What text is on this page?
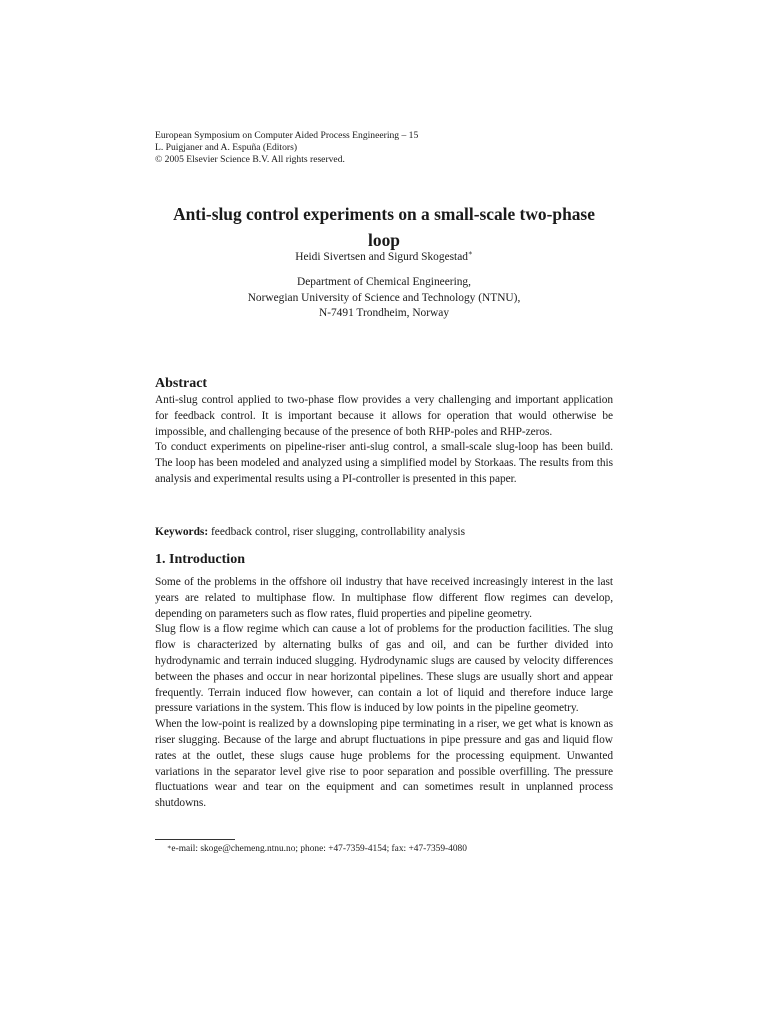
European Symposium on Computer Aided Process Engineering – 15
L. Puigjaner and A. Espuña (Editors)
© 2005 Elsevier Science B.V. All rights reserved.
Anti-slug control experiments on a small-scale two-phase loop
Heidi Sivertsen and Sigurd Skogestad∗
Department of Chemical Engineering,
Norwegian University of Science and Technology (NTNU),
N-7491 Trondheim, Norway
Abstract

Anti-slug control applied to two-phase flow provides a very challenging and important application for feedback control. It is important because it allows for operation that would otherwise be impossible, and challenging because of the presence of both RHP-poles and RHP-zeros.

To conduct experiments on pipeline-riser anti-slug control, a small-scale slug-loop has been build. The loop has been modeled and analyzed using a simplified model by Storkaas. The results from this analysis and experimental results using a PI-controller is presented in this paper.

Keywords: feedback control, riser slugging, controllability analysis
1. Introduction

Some of the problems in the offshore oil industry that have received increasingly interest in the last years are related to multiphase flow. In multiphase flow different flow regimes can develop, depending on parameters such as flow rates, fluid properties and pipeline geometry.

Slug flow is a flow regime which can cause a lot of problems for the production facilities. The slug flow is characterized by alternating bulks of gas and oil, and can be further divided into hydrodynamic and terrain induced slugging. Hydrodynamic slugs are caused by velocity differences between the phases and occur in near horizontal pipelines. These slugs are usually short and appear frequently. Terrain induced flow however, can contain a lot of liquid and therefore induce large pressure variations in the system. This flow is induced by low points in the pipeline geometry.

When the low-point is realized by a downsloping pipe terminating in a riser, we get what is known as riser slugging. Because of the large and abrupt fluctuations in pipe pressure and gas and liquid flow rates at the outlet, these slugs cause huge problems for the processing equipment. Unwanted variations in the separator level give rise to poor separation and possible overfilling. The pressure fluctuations wear and tear on the equipment and can sometimes result in unplanned process shutdowns.

∗e-mail: skoge@chemeng.ntnu.no; phone: +47-7359-4154; fax: +47-7359-4080
